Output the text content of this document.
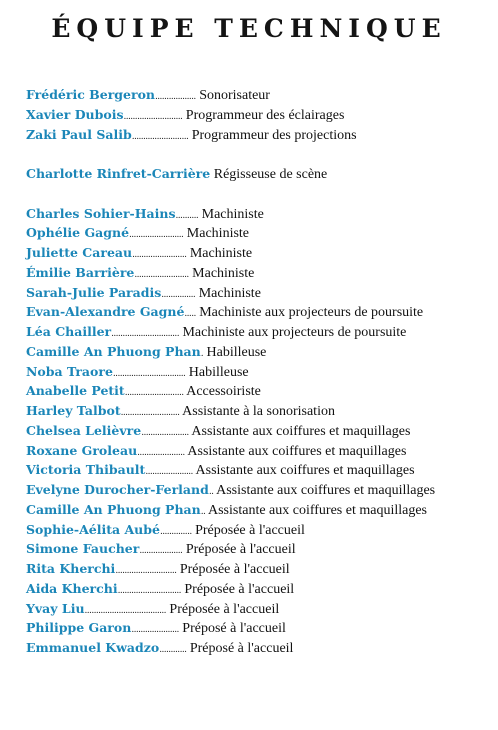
ÉQUIPE TECHNIQUE
Frédéric Bergeron.................. Sonorisateur
Xavier Dubois.......................... Programmeur des éclairages
Zaki Paul Salib......................... Programmeur des projections
Charlotte Rinfret-Carrière Régisseuse de scène
Charles Sohier-Hains.......... Machiniste
Ophélie Gagné........................ Machiniste
Juliette Careau........................ Machiniste
Émilie Barrière........................ Machiniste
Sarah-Julie Paradis............... Machiniste
Evan-Alexandre Gagné..... Machiniste aux projecteurs de poursuite
Léa Chailler.............................. Machiniste aux projecteurs de poursuite
Camille An Phuong Phan. Habilleuse
Noba Traore................................ Habilleuse
Anabelle Petit.......................... Accessoiriste
Harley Talbot.......................... Assistante à la sonorisation
Chelsea Lelièvre..................... Assistante aux coiffures et maquillages
Roxane Groleau..................... Assistante aux coiffures et maquillages
Victoria Thibault..................... Assistante aux coiffures et maquillages
Evelyne Durocher-Ferland.. Assistante aux coiffures et maquillages
Camille An Phuong Phan.. Assistante aux coiffures et maquillages
Sophie-Aélita Aubé.............. Préposée à l'accueil
Simone Faucher................... Préposée à l'accueil
Rita Kherchi........................... Préposée à l'accueil
Aida Kherchi............................ Préposée à l'accueil
Yvay Liu.................................... Préposée à l'accueil
Philippe Garon..................... Préposé à l'accueil
Emmanuel Kwadzo............ Préposé à l'accueil
